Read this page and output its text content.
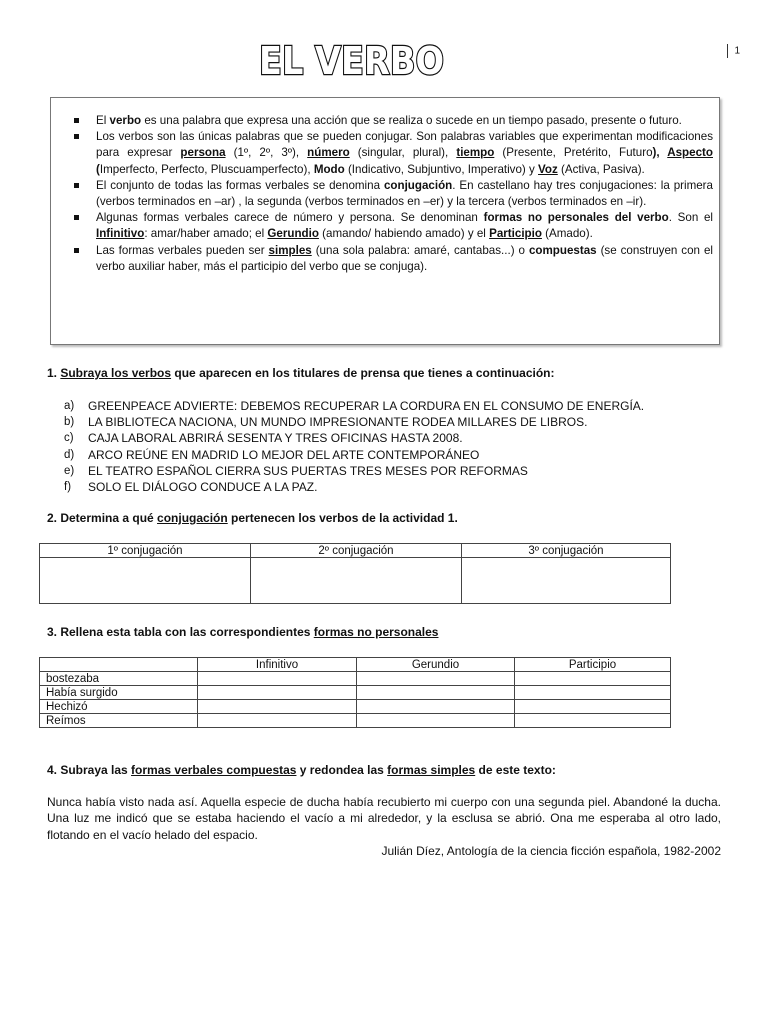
1
EL VERBO
El verbo es una palabra que expresa una acción que se realiza o sucede en un tiempo pasado, presente o futuro.
Los verbos son las únicas palabras que se pueden conjugar. Son palabras variables que experimentan modificaciones para expresar persona (1º, 2º, 3º), número (singular, plural), tiempo (Presente, Pretérito, Futuro), Aspecto (Imperfecto, Perfecto, Pluscuamperfecto), Modo (Indicativo, Subjuntivo, Imperativo) y Voz (Activa, Pasiva).
El conjunto de todas las formas verbales se denomina conjugación. En castellano hay tres conjugaciones: la primera (verbos terminados en –ar) , la segunda (verbos terminados en –er) y la tercera (verbos terminados en –ir).
Algunas formas verbales carece de número y persona. Se denominan formas no personales del verbo. Son el Infinitivo: amar/haber amado; el Gerundio (amando/ habiendo amado) y el Participio (Amado).
Las formas verbales pueden ser simples (una sola palabra: amaré, cantabas...) o compuestas (se construyen con el verbo auxiliar haber, más el participio del verbo que se conjuga).
1. Subraya los verbos que aparecen en los titulares de prensa que tienes a continuación:
a)	GREENPEACE ADVIERTE: DEBEMOS RECUPERAR LA CORDURA EN EL CONSUMO DE ENERGÍA.
b)	LA BIBLIOTECA NACIONA, UN MUNDO IMPRESIONANTE RODEA MILLARES DE LIBROS.
c)	CAJA LABORAL ABRIRÁ SESENTA Y TRES OFICINAS HASTA 2008.
d)	ARCO REÚNE EN MADRID LO MEJOR DEL ARTE CONTEMPORÁNEO
e)	EL TEATRO ESPAÑOL CIERRA SUS PUERTAS TRES MESES POR REFORMAS
f)	SOLO EL DIÁLOGO CONDUCE A LA PAZ.
2. Determina a qué conjugación pertenecen los verbos de la actividad 1.
1º conjugación	2º conjugación	3º conjugación

3. Rellena esta tabla con las correspondientes formas no personales
	Infinitivo	Gerundio	Participio
bostezaba			
Había surgido			
Hechizó			
Reímos			
4. Subraya las formas verbales compuestas y redondea las formas simples de este texto:
Nunca había visto nada así. Aquella especie de ducha había recubierto mi cuerpo con una segunda piel. Abandoné la ducha. Una luz me indicó que se estaba haciendo el vacío a mi alrededor, y la esclusa se abrió. Ona me esperaba al otro lado, flotando en el vacío helado del espacio.
Julián Díez, Antología de la ciencia ficción española, 1982-2002
